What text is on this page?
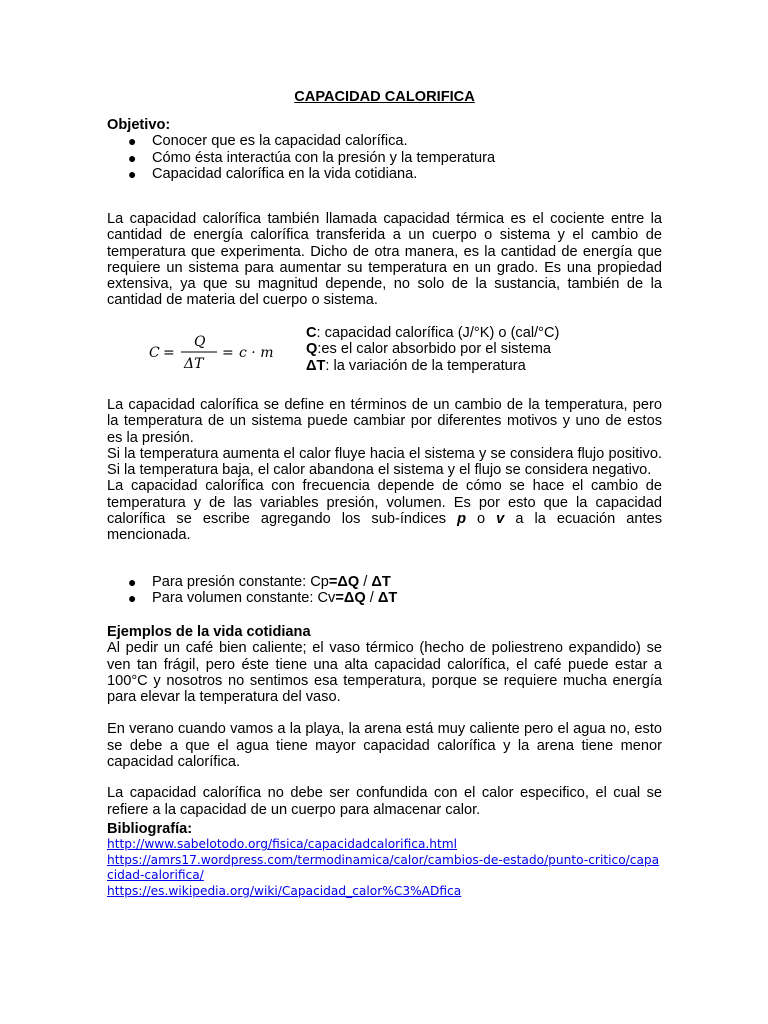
CAPACIDAD CALORIFICA
Objetivo:
● Conocer que es la capacidad calorífica.
● Cómo ésta interactúa con la presión y la temperatura
● Capacidad calorífica en la vida cotidiana.
La capacidad calorífica también llamada capacidad térmica es el cociente entre la cantidad de energía calorífica transferida a un cuerpo o sistema y el cambio de temperatura que experimenta. Dicho de otra manera, es la cantidad de energía que requiere un sistema para aumentar su temperatura en un grado. Es una propiedad extensiva, ya que su magnitud depende, no solo de la sustancia, también de la cantidad de materia del cuerpo o sistema.
C =
Q
ΔT
= c · m
C: capacidad calorífica (J/°K) o (cal/°C)
Q:es el calor absorbido por el sistema
ΔT: la variación de la temperatura
La capacidad calorífica se define en términos de un cambio de la temperatura, pero la temperatura de un sistema puede cambiar por diferentes motivos y uno de estos es la presión.
Si la temperatura aumenta el calor fluye hacia el sistema y se considera flujo positivo. Si la temperatura baja, el calor abandona el sistema y el flujo se considera negativo.
La capacidad calorífica con frecuencia depende de cómo se hace el cambio de temperatura y de las variables presión, volumen. Es por esto que la capacidad calorífica se escribe agregando los sub-índices p o v a la ecuación antes mencionada.
● Para presión constante: Cp=ΔQ / ΔT
● Para volumen constante: Cv=ΔQ / ΔT
Ejemplos de la vida cotidiana
Al pedir un café bien caliente; el vaso térmico (hecho de poliestreno expandido) se ven tan frágil, pero éste tiene una alta capacidad calorífica, el café puede estar a 100°C y nosotros no sentimos esa temperatura, porque se requiere mucha energía para elevar la temperatura del vaso.
En verano cuando vamos a la playa, la arena está muy caliente pero el agua no, esto se debe a que el agua tiene mayor capacidad calorífica y la arena tiene menor capacidad calorífica.
La capacidad calorífica no debe ser confundida con el calor especifico, el cual se refiere a la capacidad de un cuerpo para almacenar calor.
Bibliografía:
http://www.sabelotodo.org/fisica/capacidadcalorifica.html
https://amrs17.wordpress.com/termodinamica/calor/cambios-de-estado/punto-critico/capacidad-calorifica/
https://es.wikipedia.org/wiki/Capacidad_calor%C3%ADfica
